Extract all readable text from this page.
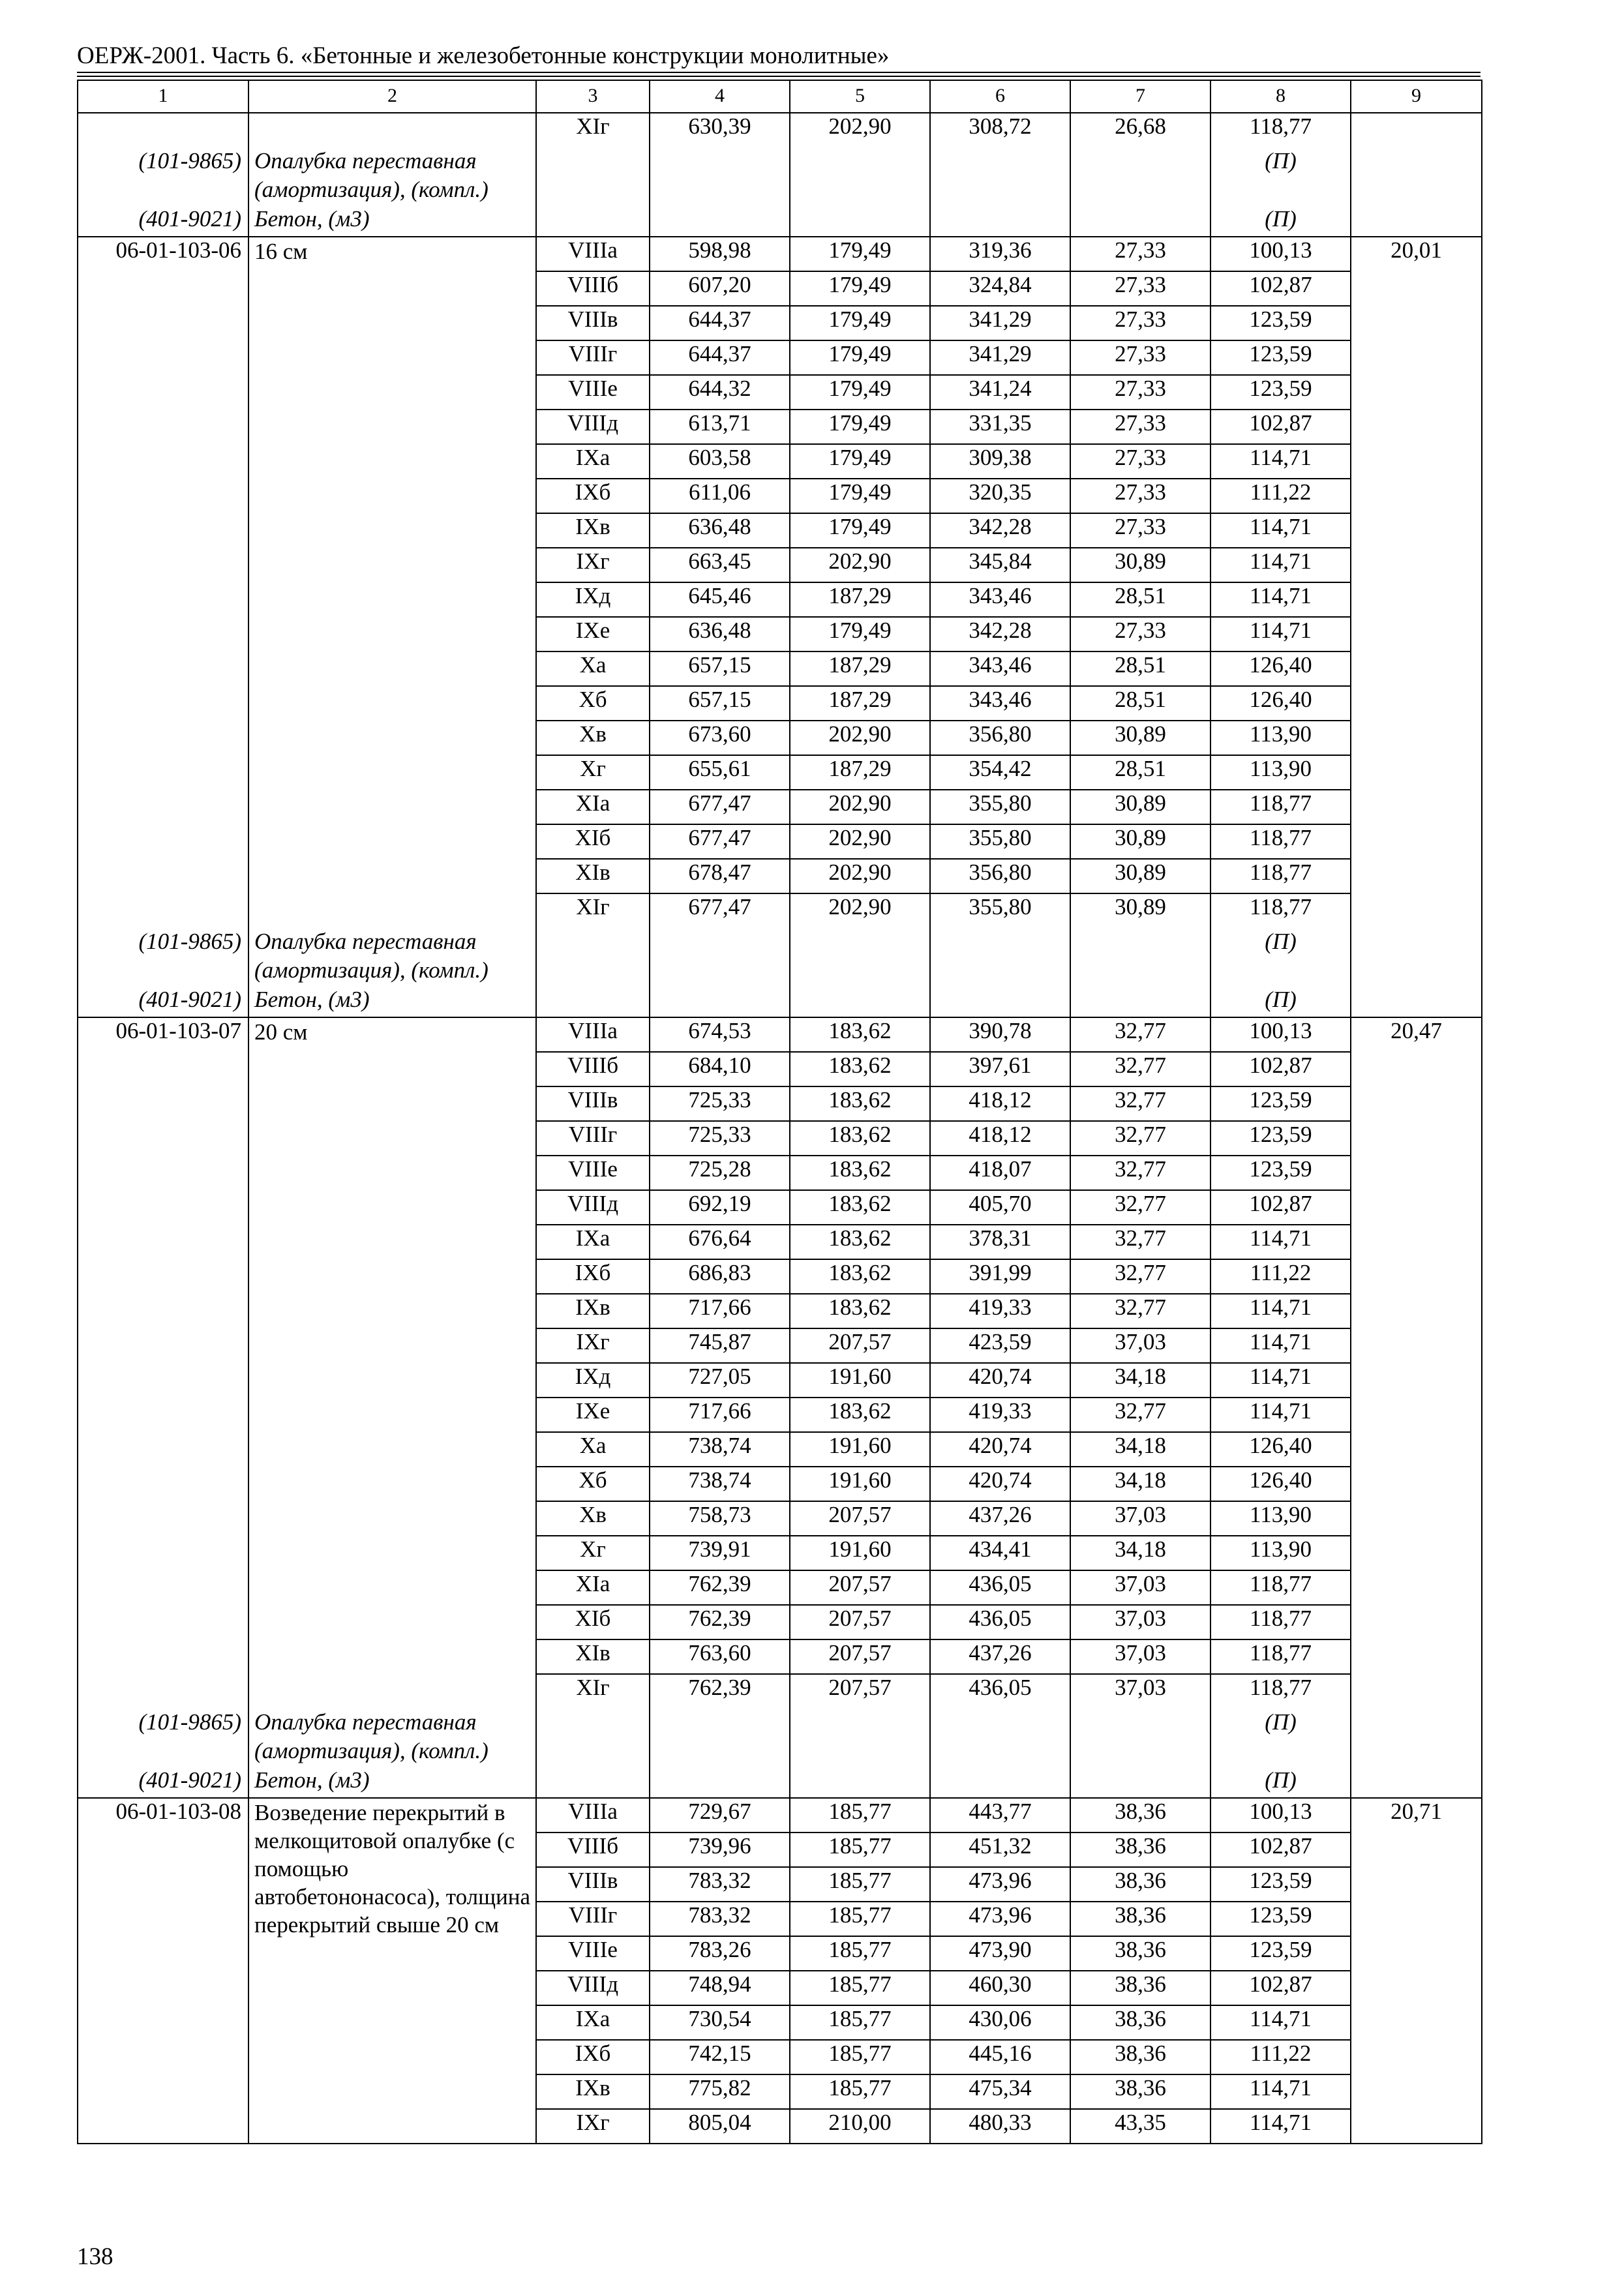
ОЕРЖ-2001. Часть 6. «Бетонные и железобетонные конструкции монолитные»
1	2	3	4	5	6	7	8	9
		XIг	630,39	202,90	308,72	26,68	118,77	
(101-9865)	Опалубка переставная (амортизация), (компл.)						(П)	
(401-9021)	Бетон, (м3)						(П)	
06-01-103-06	16 см	VIIIа	598,98	179,49	319,36	27,33	100,13	20,01
		VIIIб	607,20	179,49	324,84	27,33	102,87	
		VIIIв	644,37	179,49	341,29	27,33	123,59	
		VIIIг	644,37	179,49	341,29	27,33	123,59	
		VIIIе	644,32	179,49	341,24	27,33	123,59	
		VIIIд	613,71	179,49	331,35	27,33	102,87	
		IXа	603,58	179,49	309,38	27,33	114,71	
		IXб	611,06	179,49	320,35	27,33	111,22	
		IXв	636,48	179,49	342,28	27,33	114,71	
		IXг	663,45	202,90	345,84	30,89	114,71	
		IXд	645,46	187,29	343,46	28,51	114,71	
		IXе	636,48	179,49	342,28	27,33	114,71	
		Xа	657,15	187,29	343,46	28,51	126,40	
		Xб	657,15	187,29	343,46	28,51	126,40	
		Xв	673,60	202,90	356,80	30,89	113,90	
		Xг	655,61	187,29	354,42	28,51	113,90	
		XIа	677,47	202,90	355,80	30,89	118,77	
		XIб	677,47	202,90	355,80	30,89	118,77	
		XIв	678,47	202,90	356,80	30,89	118,77	
		XIг	677,47	202,90	355,80	30,89	118,77	
(101-9865)	Опалубка переставная (амортизация), (компл.)						(П)	
(401-9021)	Бетон, (м3)						(П)	
06-01-103-07	20 см	VIIIа	674,53	183,62	390,78	32,77	100,13	20,47
		VIIIб	684,10	183,62	397,61	32,77	102,87	
		VIIIв	725,33	183,62	418,12	32,77	123,59	
		VIIIг	725,33	183,62	418,12	32,77	123,59	
		VIIIе	725,28	183,62	418,07	32,77	123,59	
		VIIIд	692,19	183,62	405,70	32,77	102,87	
		IXа	676,64	183,62	378,31	32,77	114,71	
		IXб	686,83	183,62	391,99	32,77	111,22	
		IXв	717,66	183,62	419,33	32,77	114,71	
		IXг	745,87	207,57	423,59	37,03	114,71	
		IXд	727,05	191,60	420,74	34,18	114,71	
		IXе	717,66	183,62	419,33	32,77	114,71	
		Xа	738,74	191,60	420,74	34,18	126,40	
		Xб	738,74	191,60	420,74	34,18	126,40	
		Xв	758,73	207,57	437,26	37,03	113,90	
		Xг	739,91	191,60	434,41	34,18	113,90	
		XIа	762,39	207,57	436,05	37,03	118,77	
		XIб	762,39	207,57	436,05	37,03	118,77	
		XIв	763,60	207,57	437,26	37,03	118,77	
		XIг	762,39	207,57	436,05	37,03	118,77	
(101-9865)	Опалубка переставная (амортизация), (компл.)						(П)	
(401-9021)	Бетон, (м3)						(П)	
06-01-103-08	Возведение перекрытий в мелкощитовой опалубке (с помощью автобетононасоса), толщина перекрытий свыше 20 см	VIIIа	729,67	185,77	443,77	38,36	100,13	20,71
		VIIIб	739,96	185,77	451,32	38,36	102,87	
		VIIIв	783,32	185,77	473,96	38,36	123,59	
		VIIIг	783,32	185,77	473,96	38,36	123,59	
		VIIIе	783,26	185,77	473,90	38,36	123,59	
		VIIIд	748,94	185,77	460,30	38,36	102,87	
		IXа	730,54	185,77	430,06	38,36	114,71	
		IXб	742,15	185,77	445,16	38,36	111,22	
		IXв	775,82	185,77	475,34	38,36	114,71	
		IXг	805,04	210,00	480,33	43,35	114,71	
138
